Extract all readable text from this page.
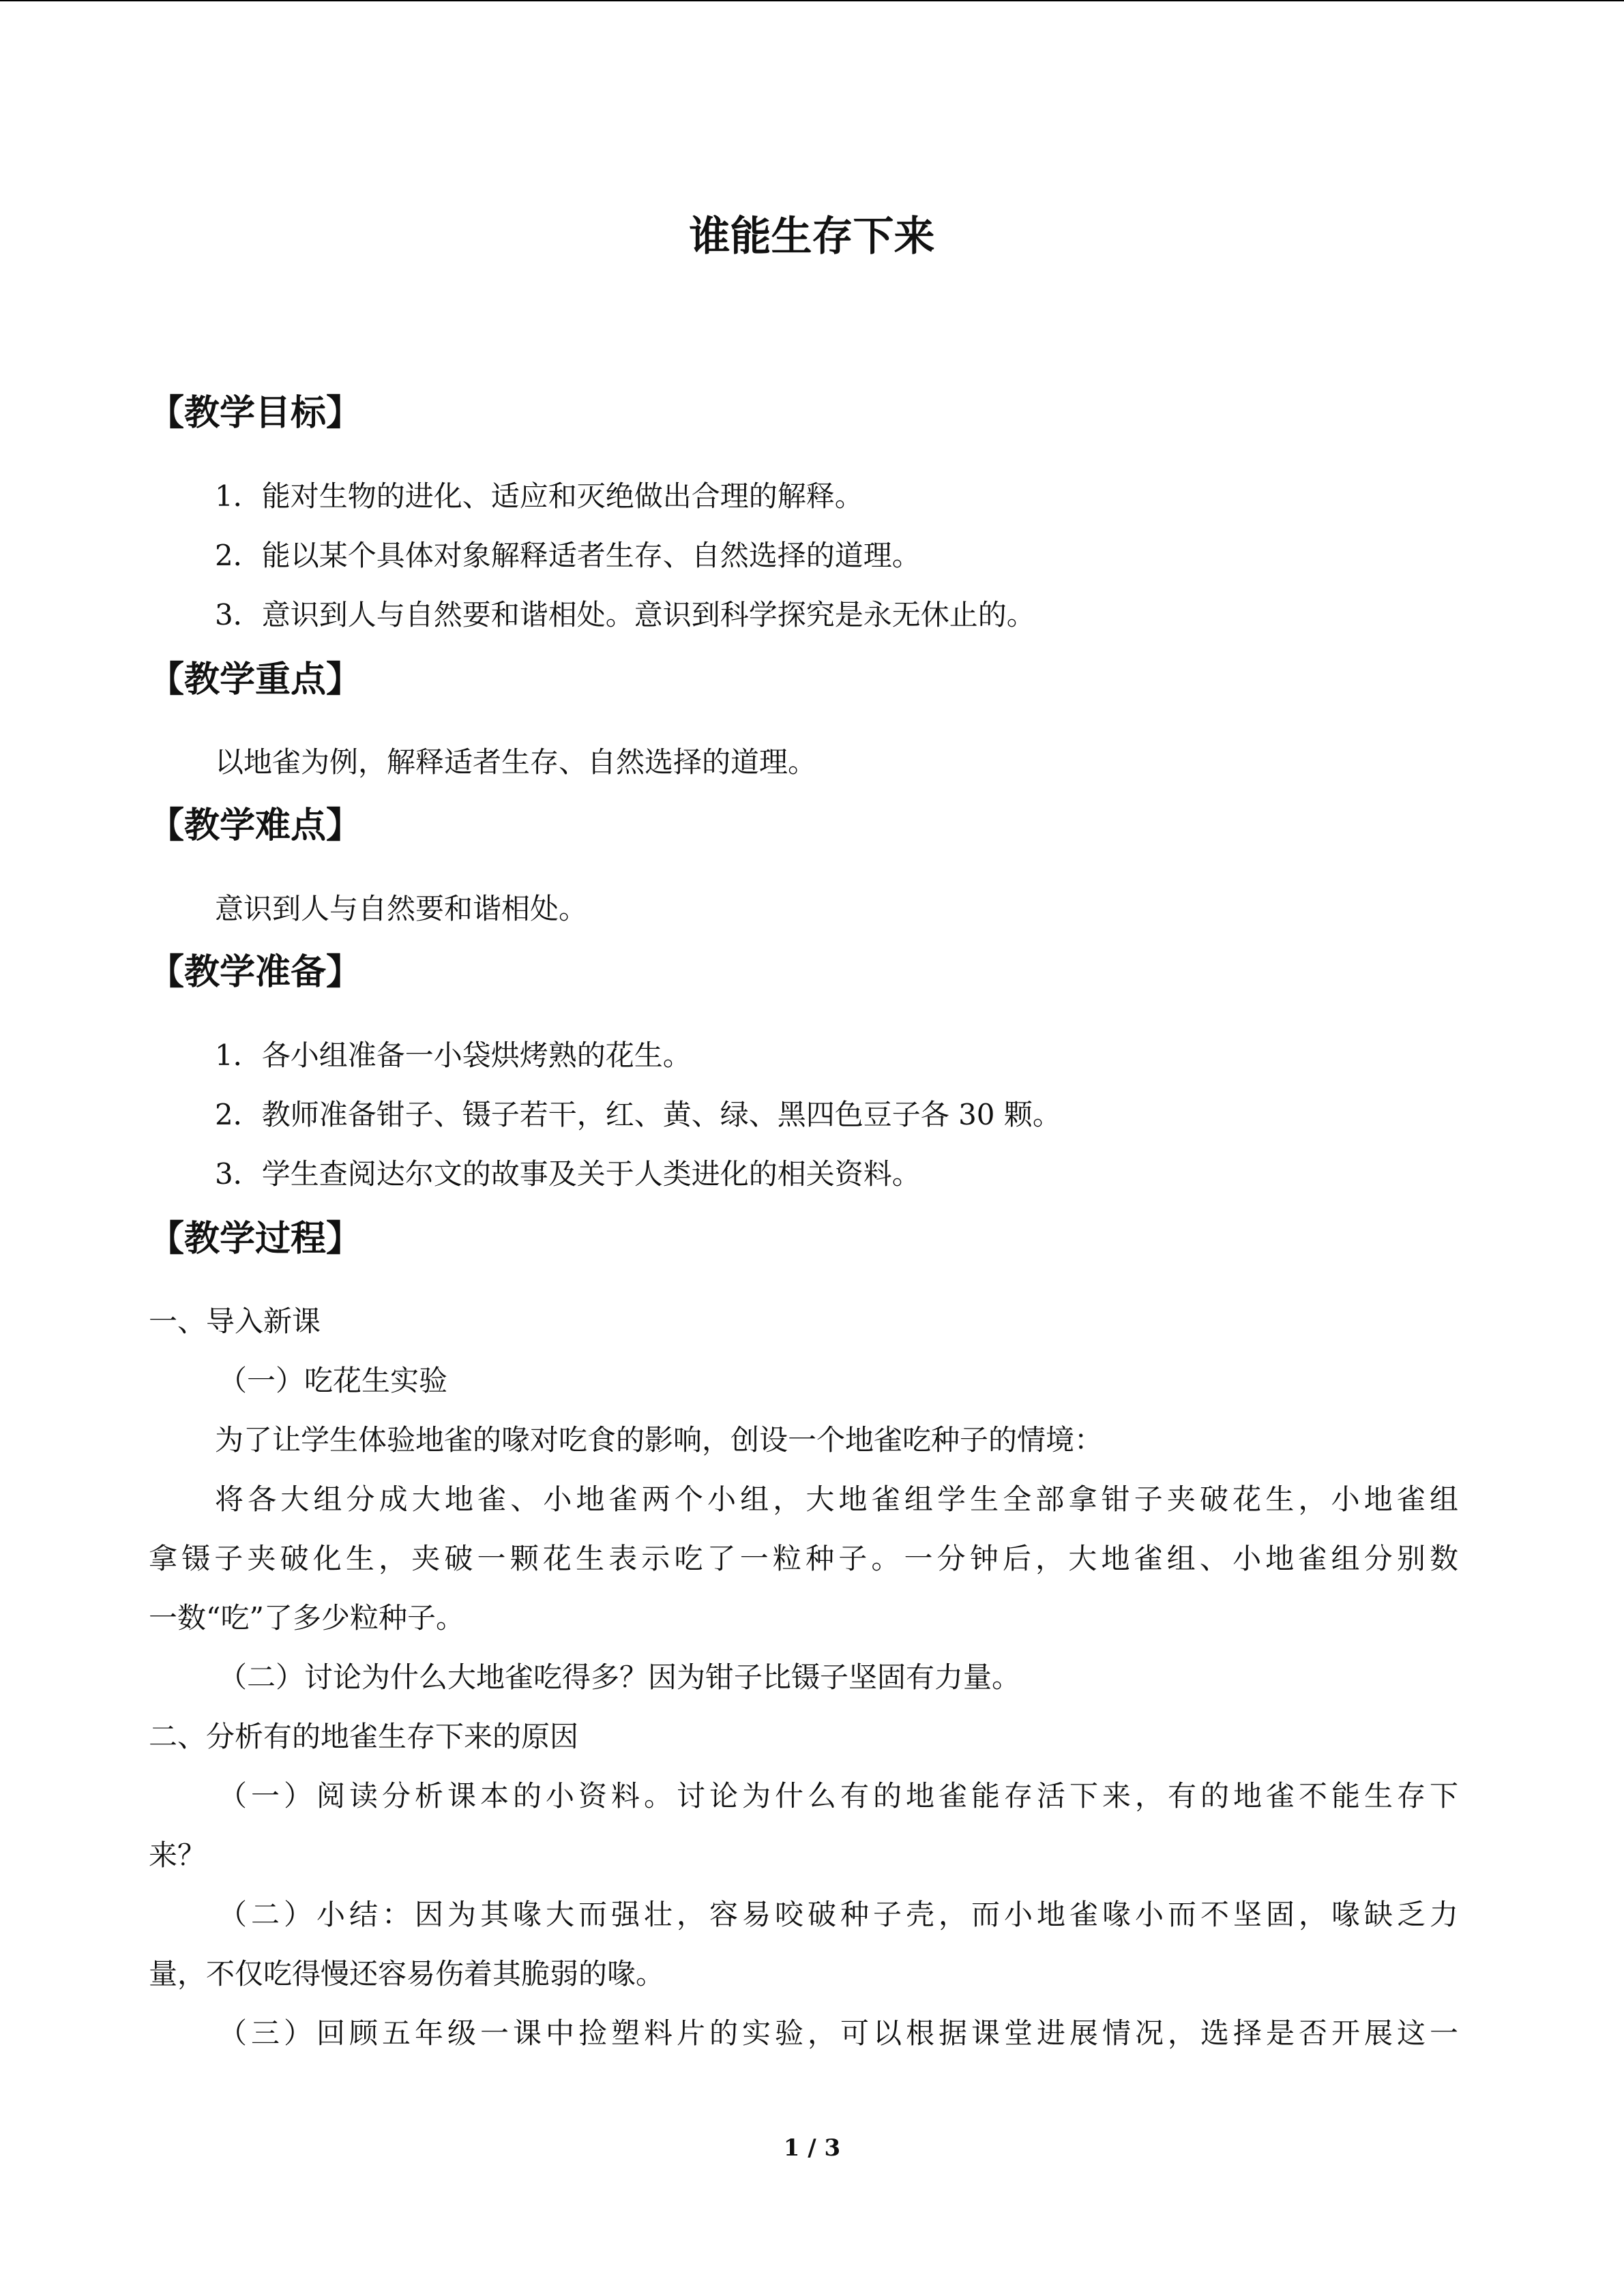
谁能生存下来
【教学目标】
1．能对生物的进化、适应和灭绝做出合理的解释。
2．能以某个具体对象解释适者生存、自然选择的道理。
3．意识到人与自然要和谐相处。意识到科学探究是永无休止的。
【教学重点】
以地雀为例，解释适者生存、自然选择的道理。
【教学难点】
意识到人与自然要和谐相处。
【教学准备】
1．各小组准备一小袋烘烤熟的花生。
2．教师准备钳子、镊子若干，红、黄、绿、黑四色豆子各 30 颗。
3．学生查阅达尔文的故事及关于人类进化的相关资料。
【教学过程】
一、导入新课
（一）吃花生实验
为了让学生体验地雀的喙对吃食的影响，创设一个地雀吃种子的情境：
将各大组分成大地雀、小地雀两个小组，大地雀组学生全部拿钳子夹破花生，小地雀组
拿镊子夹破化生，夹破一颗花生表示吃了一粒种子。一分钟后，大地雀组、小地雀组分别数
一数“吃”了多少粒种子。
（二）讨论为什么大地雀吃得多？因为钳子比镊子坚固有力量。
二、分析有的地雀生存下来的原因
（一）阅读分析课本的小资料。讨论为什么有的地雀能存活下来，有的地雀不能生存下
来？
（二）小结：因为其喙大而强壮，容易咬破种子壳，而小地雀喙小而不坚固，喙缺乏力
量，不仅吃得慢还容易伤着其脆弱的喙。
（三）回顾五年级一课中捡塑料片的实验，可以根据课堂进展情况，选择是否开展这一
1 / 3
